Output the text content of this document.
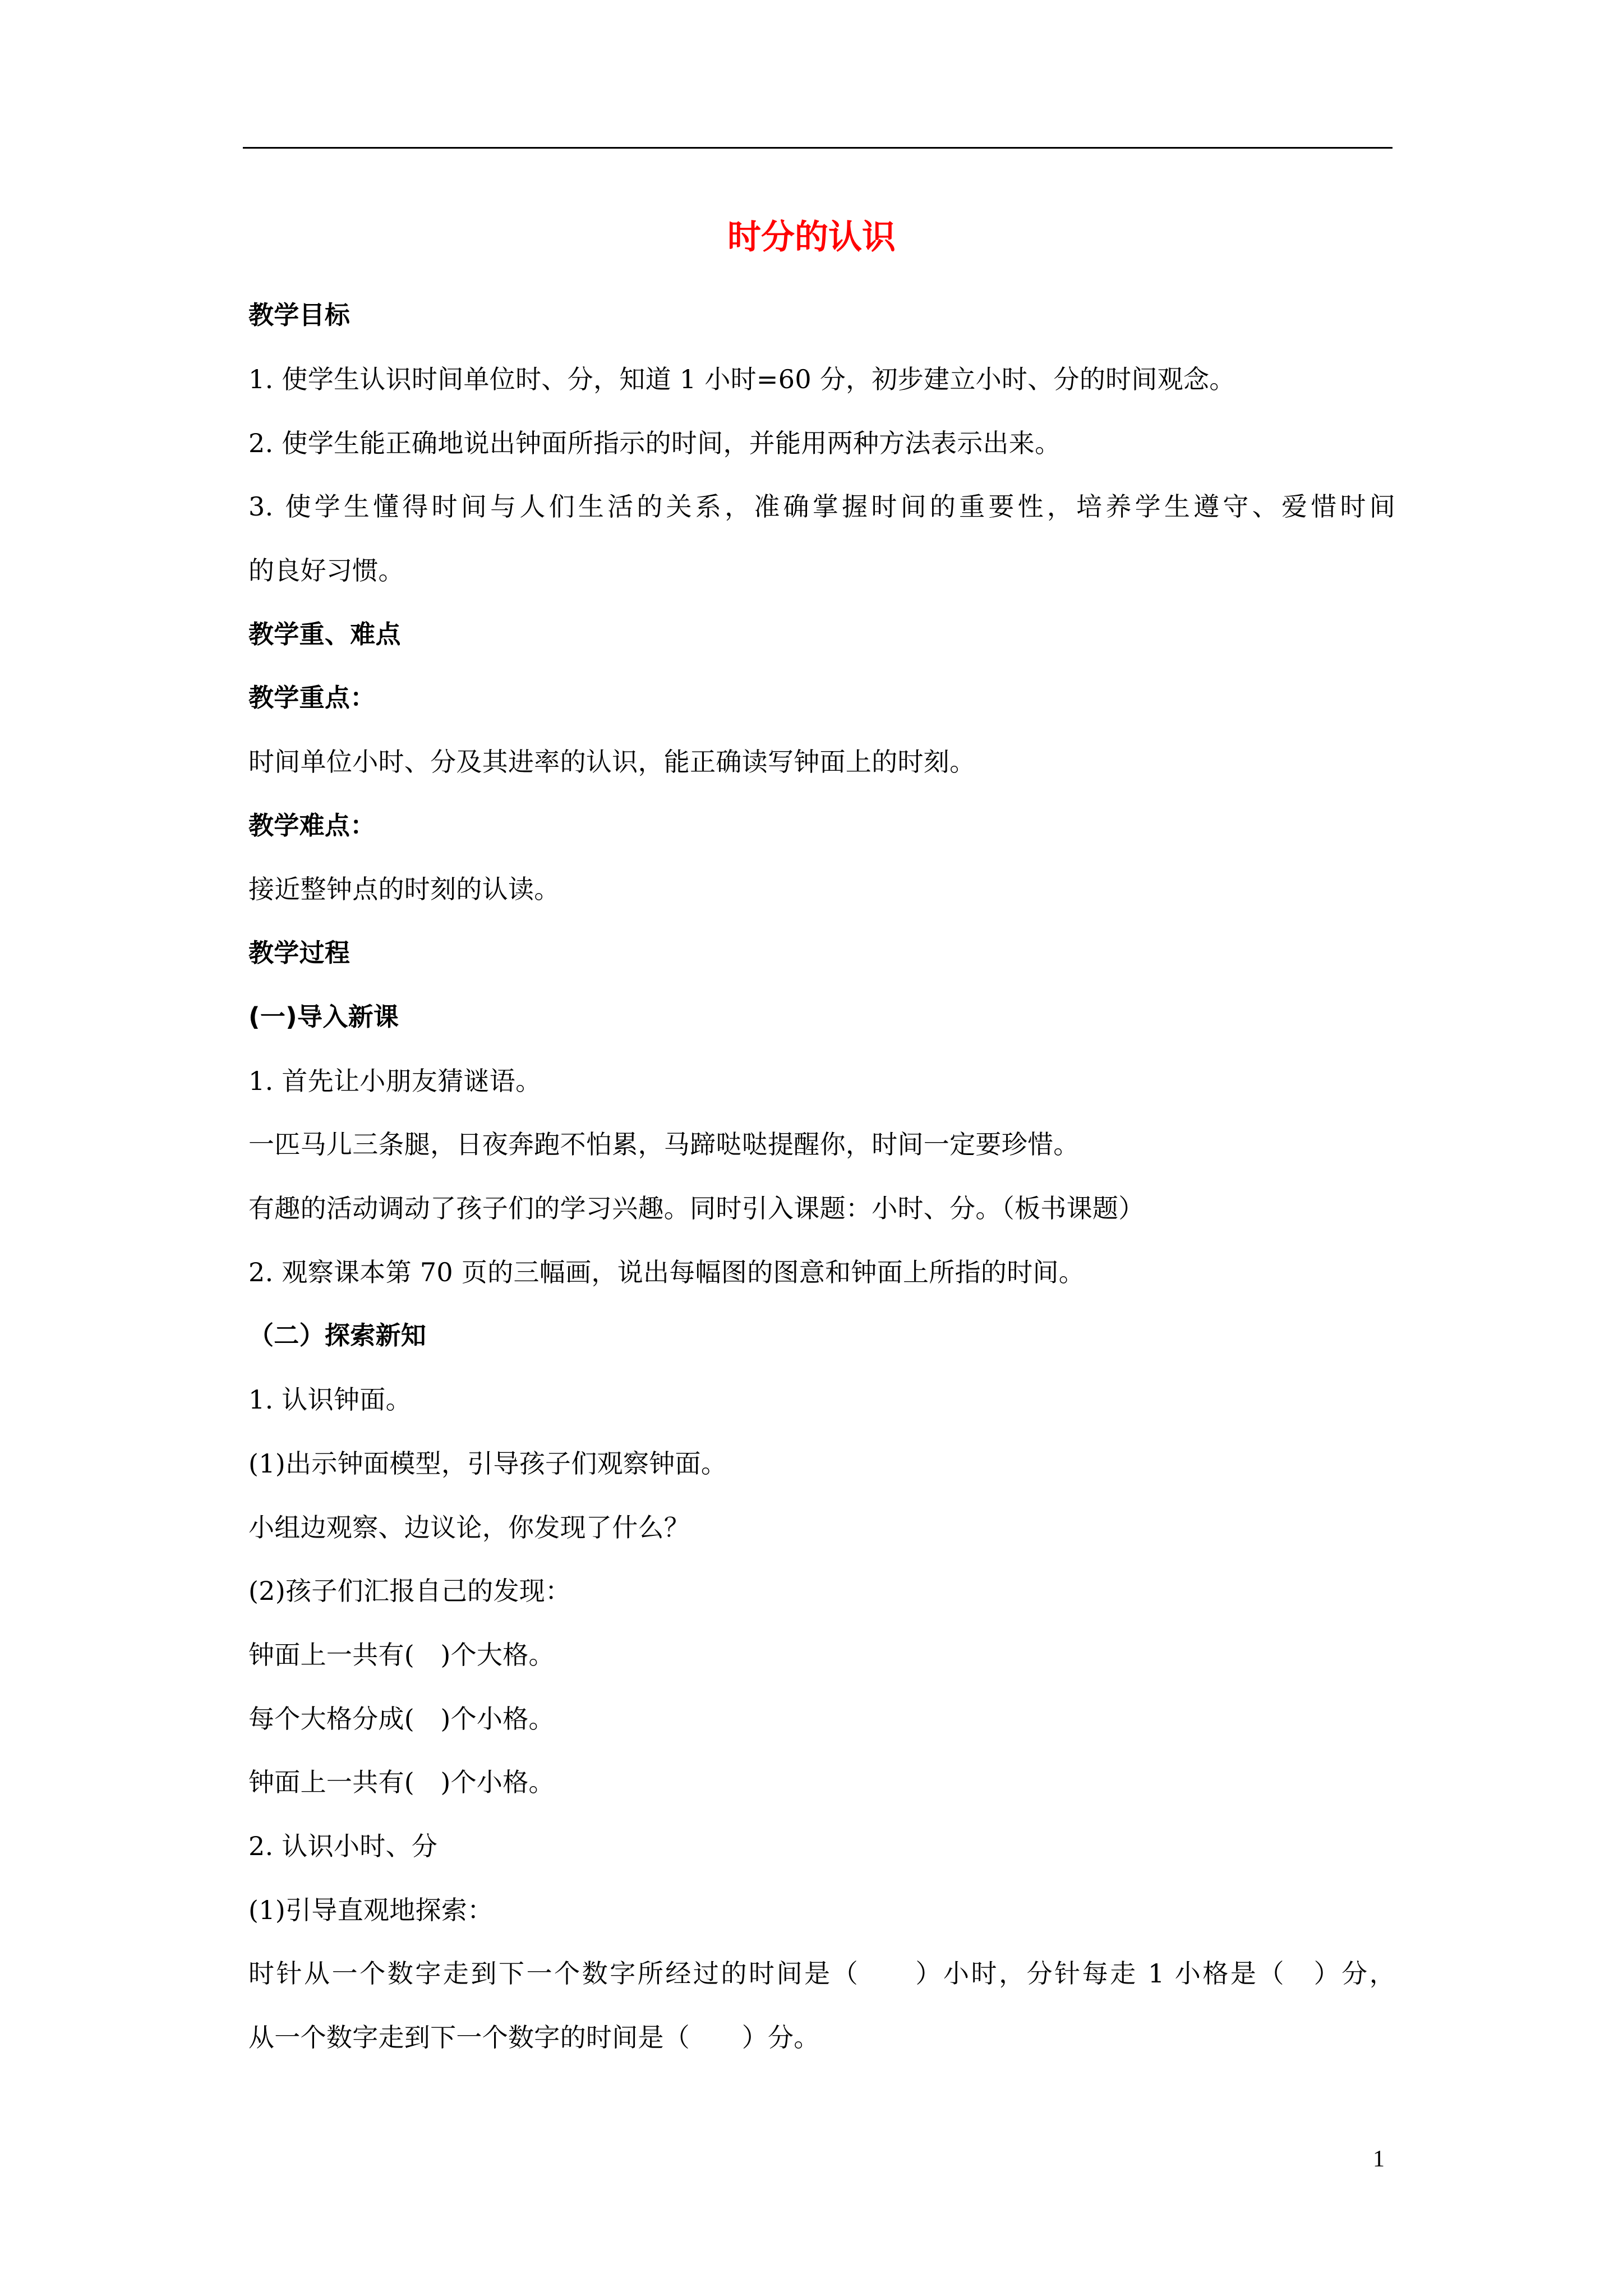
时分的认识
教学目标
1. 使学生认识时间单位时、分，知道 1 小时=60 分，初步建立小时、分的时间观念。
2. 使学生能正确地说出钟面所指示的时间，并能用两种方法表示出来。
3. 使学生懂得时间与人们生活的关系，准确掌握时间的重要性，培养学生遵守、爱惜时间
的良好习惯。
教学重、难点
教学重点：
时间单位小时、分及其进率的认识，能正确读写钟面上的时刻。
教学难点：
接近整钟点的时刻的认读。
教学过程
(一)导入新课
1. 首先让小朋友猜谜语。
一匹马儿三条腿，日夜奔跑不怕累，马蹄哒哒提醒你，时间一定要珍惜。
有趣的活动调动了孩子们的学习兴趣。同时引入课题：小时、分。（板书课题）
2. 观察课本第 70 页的三幅画，说出每幅图的图意和钟面上所指的时间。
（二）探索新知
1. 认识钟面。
(1)出示钟面模型，引导孩子们观察钟面。
小组边观察、边议论，你发现了什么？
(2)孩子们汇报自己的发现：
钟面上一共有(　)个大格。
每个大格分成(　)个小格。
钟面上一共有(　)个小格。
2. 认识小时、分
(1)引导直观地探索：
时针从一个数字走到下一个数字所经过的时间是（　　）小时，分针每走 1 小格是（　）分，
从一个数字走到下一个数字的时间是（　　）分。
1
